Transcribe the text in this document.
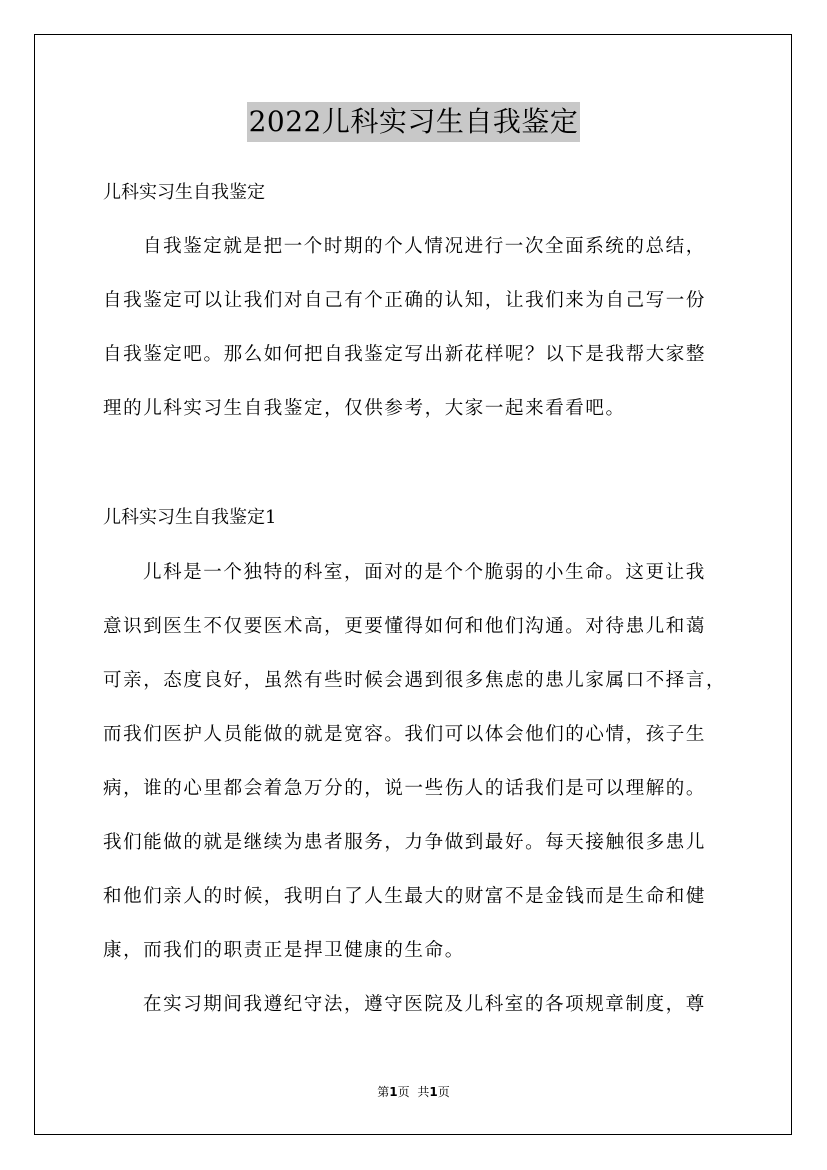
2022儿科实习生自我鉴定
儿科实习生自我鉴定
自我鉴定就是把一个时期的个人情况进行一次全面系统的总结，
自我鉴定可以让我们对自己有个正确的认知，让我们来为自己写一份
自我鉴定吧。那么如何把自我鉴定写出新花样呢？以下是我帮大家整
理的儿科实习生自我鉴定，仅供参考，大家一起来看看吧。
儿科实习生自我鉴定1
儿科是一个独特的科室，面对的是个个脆弱的小生命。这更让我
意识到医生不仅要医术高，更要懂得如何和他们沟通。对待患儿和蔼
可亲，态度良好，虽然有些时候会遇到很多焦虑的患儿家属口不择言，
而我们医护人员能做的就是宽容。我们可以体会他们的心情，孩子生
病，谁的心里都会着急万分的，说一些伤人的话我们是可以理解的。
我们能做的就是继续为患者服务，力争做到最好。每天接触很多患儿
和他们亲人的时候，我明白了人生最大的财富不是金钱而是生命和健
康，而我们的职责正是捍卫健康的生命。
在实习期间我遵纪守法，遵守医院及儿科室的各项规章制度，尊
第1页 共1页
